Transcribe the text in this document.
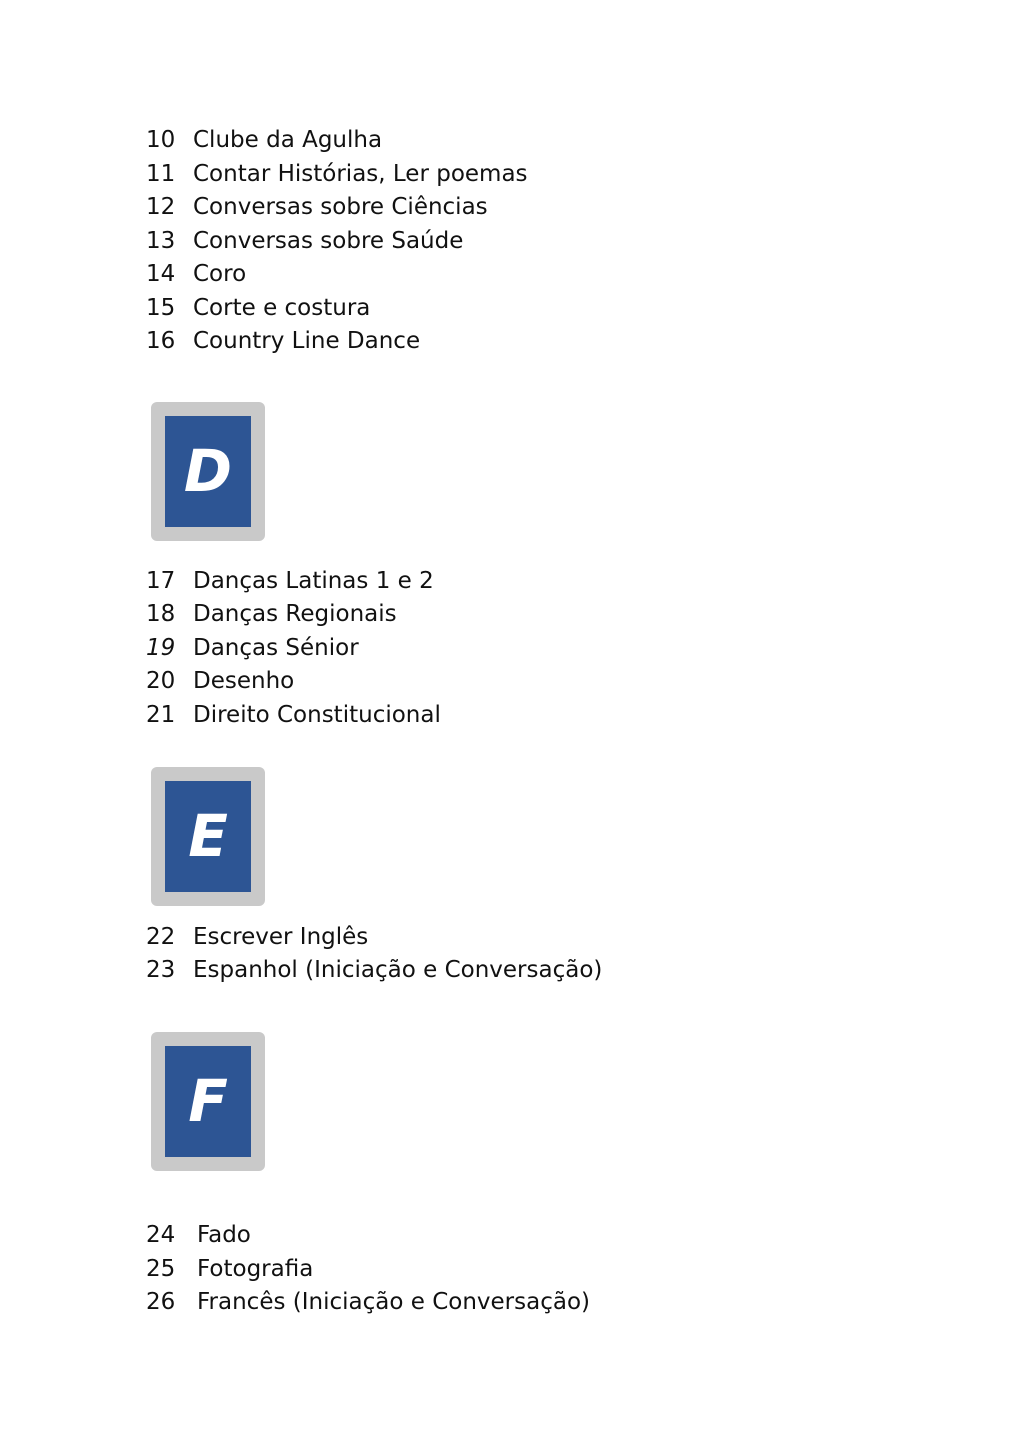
10 Clube da Agulha
11 Contar Histórias, Ler poemas
12 Conversas sobre Ciências
13 Conversas sobre Saúde
14 Coro
15 Corte e costura
16 Country Line Dance
D
17 Danças Latinas 1 e 2
18 Danças Regionais
19 Danças Sénior
20 Desenho
21 Direito Constitucional
E
22 Escrever Inglês
23 Espanhol (Iniciação e Conversação)
F
24 Fado
25 Fotografia
26 Francês (Iniciação e Conversação)
